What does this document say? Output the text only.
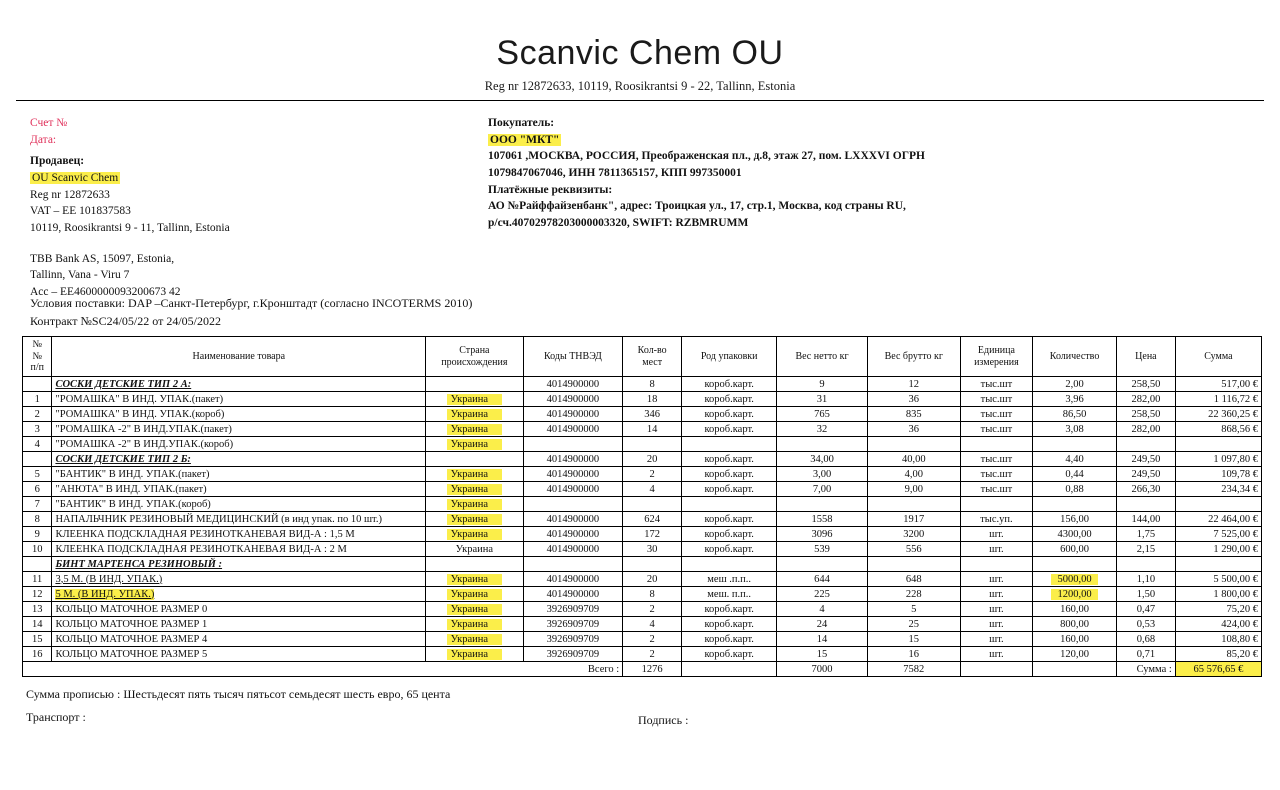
Scanvic Chem OU
Reg nr 12872633, 10119, Roosikrantsi 9 - 22, Tallinn, Estonia
Счет №
Дата:
Продавец:
OU Scanvic Chem
Reg nr 12872633
VAT – EE 101837583
10119, Roosikrantsi 9 - 11, Tallinn, Estonia
TBB Bank AS, 15097, Estonia,
Tallinn, Vana - Viru 7
Acc – EE4600000093200673 42
Покупатель:
ООО "МКТ"
107061 ,МОСКВА, РОССИЯ, Преображенская пл., д.8, этаж 27, пом. LXXXVI ОГРН
1079847067046, ИНН 7811365157, КПП 997350001
Платёжные реквизиты:
АО №Райффайзенбанк", адрес: Троицкая ул., 17, стр.1, Москва, код страны RU,
р/сч.40702978203000003320, SWIFT: RZBMRUMM
Условия поставки: DAP –Санкт-Петербург, г.Кронштадт (согласно INCOTERMS 2010)
Контракт №SC24/05/22 от 24/05/2022
№
№
п/п	Наименование товара	Страна
происхождения	Коды ТНВЭД	Кол-во
мест	Род упаковки	Вес нетто кг	Вес брутто кг	Единица
измерения	Количество	Цена	Сумма
	СОСКИ ДЕТСКИЕ ТИП 2 А:		4014900000	8	короб.карт.	9	12	тыс.шт	2,00	258,50	517,00 €
1	"РОМАШКА" В ИНД. УПАК.(пакет)	Украина	4014900000	18	короб.карт.	31	36	тыс.шт	3,96	282,00	1 116,72 €
2	"РОМАШКА" В ИНД. УПАК.(короб)	Украина	4014900000	346	короб.карт.	765	835	тыс.шт	86,50	258,50	22 360,25 €
3	"РОМАШКА -2" В ИНД.УПАК.(пакет)	Украина	4014900000	14	короб.карт.	32	36	тыс.шт	3,08	282,00	868,56 €
4	"РОМАШКА -2" В ИНД.УПАК.(короб)	Украина									
	СОСКИ ДЕТСКИЕ ТИП 2 Б:		4014900000	20	короб.карт.	34,00	40,00	тыс.шт	4,40	249,50	1 097,80 €
5	"БАНТИК" В ИНД. УПАК.(пакет)	Украина	4014900000	2	короб.карт.	3,00	4,00	тыс.шт	0,44	249,50	109,78 €
6	"АНЮТА" В ИНД. УПАК.(пакет)	Украина	4014900000	4	короб.карт.	7,00	9,00	тыс.шт	0,88	266,30	234,34 €
7	"БАНТИК" В ИНД. УПАК.(короб)	Украина									
8	НАПАЛЬЧНИК РЕЗИНОВЫЙ МЕДИЦИНСКИЙ (в инд упак. по 10 шт.)	Украина	4014900000	624	короб.карт.	1558	1917	тыс.уп.	156,00	144,00	22 464,00 €
9	КЛЕЕНКА ПОДСКЛАДНАЯ РЕЗИНОТКАНЕВАЯ ВИД-А : 1,5 М	Украина	4014900000	172	короб.карт.	3096	3200	шт.	4300,00	1,75	7 525,00 €
10	КЛЕЕНКА ПОДСКЛАДНАЯ РЕЗИНОТКАНЕВАЯ ВИД-А : 2 М	Украина	4014900000	30	короб.карт.	539	556	шт.	600,00	2,15	1 290,00 €
	БИНТ МАРТЕНСА РЕЗИНОВЫЙ :										
11	3,5 М. (В ИНД. УПАК.)	Украина	4014900000	20	меш .п.п..	644	648	шт.	5000,00	1,10	5 500,00 €
12	5 М. (В ИНД. УПАК.)	Украина	4014900000	8	меш. п.п..	225	228	шт.	1200,00	1,50	1 800,00 €
13	КОЛЬЦО МАТОЧНОЕ РАЗМЕР 0	Украина	3926909709	2	короб.карт.	4	5	шт.	160,00	0,47	75,20 €
14	КОЛЬЦО МАТОЧНОЕ РАЗМЕР 1	Украина	3926909709	4	короб.карт.	24	25	шт.	800,00	0,53	424,00 €
15	КОЛЬЦО МАТОЧНОЕ РАЗМЕР 4	Украина	3926909709	2	короб.карт.	14	15	шт.	160,00	0,68	108,80 €
16	КОЛЬЦО МАТОЧНОЕ РАЗМЕР 5	Украина	3926909709	2	короб.карт.	15	16	шт.	120,00	0,71	85,20 €
Всего :				1276		7000	7582			Сумма :	65 576,65 €
Сумма прописью : Шестьдесят пять тысяч пятьсот семьдесят шесть евро, 65 цента
Транспорт :	Подпись :
